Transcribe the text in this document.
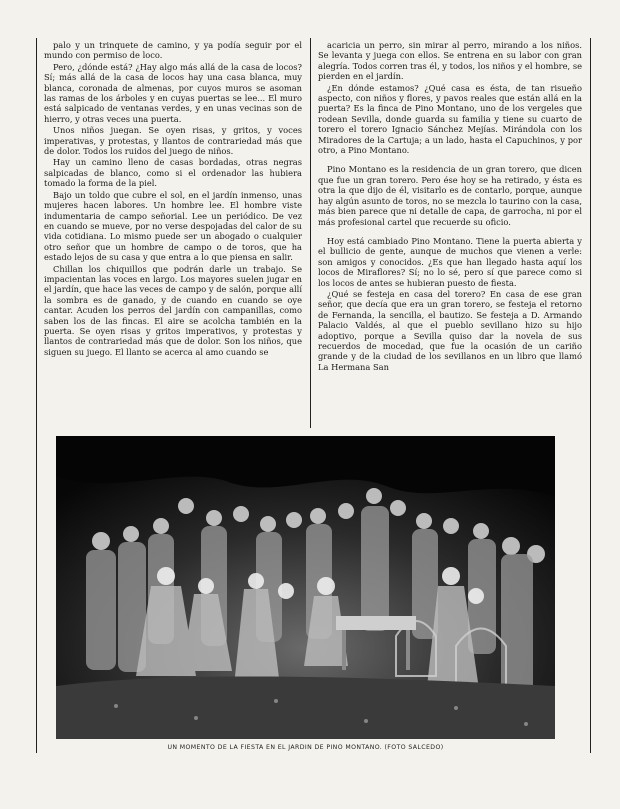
palo y un trinquete de camino, y ya podía seguir por el mundo con permiso de loco.

Pero, ¿dónde está? ¿Hay algo más allá de la casa de locos? Sí; más allá de la casa de locos hay una casa blanca, muy blanca, coronada de almenas, por cuyos muros se asoman las ramas de los árboles y en cuyas puertas se lee... El muro está salpicado de ventanas verdes, y en unas vecinas son de hierro, y otras veces una puerta.

Unos niños juegan. Se oyen risas, y gritos, y voces imperativas, y protestas, y llantos de contrariedad más que de dolor. Todos los ruidos del juego de niños.

Hay un camino lleno de casas bordadas, otras negras salpicadas de blanco, como si el ordenador las hubiera tomado la forma de la piel.

Bajo un toldo que cubre el sol, en el jardín inmenso, unas mujeres hacen labores. Un hombre lee. El hombre viste indumentaria de campo señorial. Lee un periódico. De vez en cuando se mueve, por no verse despojadas del calor de su vida cotidiana. Lo mismo puede ser un abogado o cualquier otro señor que un hombre de campo o de toros, que ha estado lejos de su casa y que entra a lo que piensa en salir.

Chillan los chiquillos que podrán darle un trabajo. Se impacientan las voces en largo. Los mayores suelen jugar en el jardín, que hace las veces de campo y de salón, porque allí la sombra es de ganado, y de cuando en cuando se oye cantar. Acuden los perros del jardín con campanillas, como saben los de las fincas. El aire se acolcha también en la puerta. Se oyen risas y gritos imperativos, y protestas y llantos de contrariedad más que de dolor. Son los niños, que siguen su juego. El llanto se acerca al amo cuando se

acaricia un perro, sin mirar al perro, mirando a los niños. Se levanta y juega con ellos. Se entrena en su labor con gran alegría. Todos corren tras él, y todos, los niños y el hombre, se pierden en el jardín.

¿En dónde estamos? ¿Qué casa es ésta, de tan risueño aspecto, con niños y flores, y pavos reales que están allá en la puerta? Es la finca de Pino Montano, uno de los vergeles que rodean Sevilla, donde guarda su familia y tiene su cuarto de torero el torero Ignacio Sánchez Mejías. Mirándola con los Miradores de la Cartuja; a un lado, hasta el Capuchinos, y por otro, a Pino Montano.

Pino Montano es la residencia de un gran torero, que dicen que fue un gran torero. Pero ése hoy se ha retirado, y ésta es otra la que dijo de él, visitarlo es de contarlo, porque, aunque hay algún asunto de toros, no se mezcla lo taurino con la casa, más bien parece que ni detalle de capa, de garrocha, ni por el más profesional cartel que recuerde su oficio.

Hoy está cambiado Pino Montano. Tiene la puerta abierta y el bullicio de gente, aunque de muchos que vienen a verle: son amigos y conocidos. ¿Es que han llegado hasta aquí los locos de Miraflores? Sí; no lo sé, pero sí que parece como si los locos de antes se hubieran puesto de fiesta.

¿Qué se festeja en casa del torero? En casa de ese gran señor, que decía que era un gran torero, se festeja el retorno de Fernanda, la sencilla, el bautizo. Se festeja a D. Armando Palacio Valdés, al que el pueblo sevillano hizo su hijo adoptivo, porque a Sevilla quiso dar la novela de sus recuerdos de mocedad, que fue la ocasión de un cariño grande y de la ciudad de los sevillanos en un libro que llamó La Hermana San

UN MOMENTO DE LA FIESTA EN EL JARDÍN DE PINO MONTANO. (FOTO SALCEDO)
